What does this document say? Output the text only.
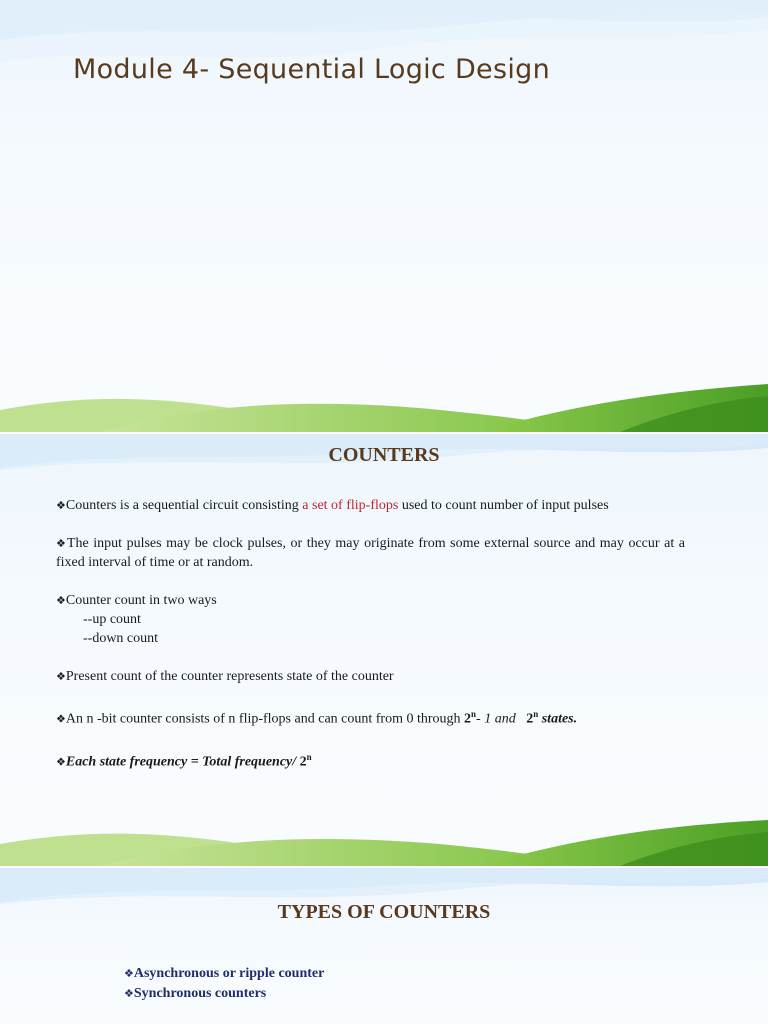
Module 4- Sequential Logic Design
COUNTERS

❖Counters is a sequential circuit consisting a set of flip-flops used to count number of input pulses

❖The input pulses may be clock pulses, or they may originate from some external source and may occur at a fixed interval of time or at random.

❖Counter count in two ways
--up count
--down count

❖Present count of the counter represents state of the counter

❖An n -bit counter consists of n flip-flops and can count from 0 through 2$^n$- 1 and 2$^n$ states.

❖Each state frequency = Total frequency/ 2$^n$

TYPES OF COUNTERS
❖Asynchronous or ripple counter
❖Synchronous counters
